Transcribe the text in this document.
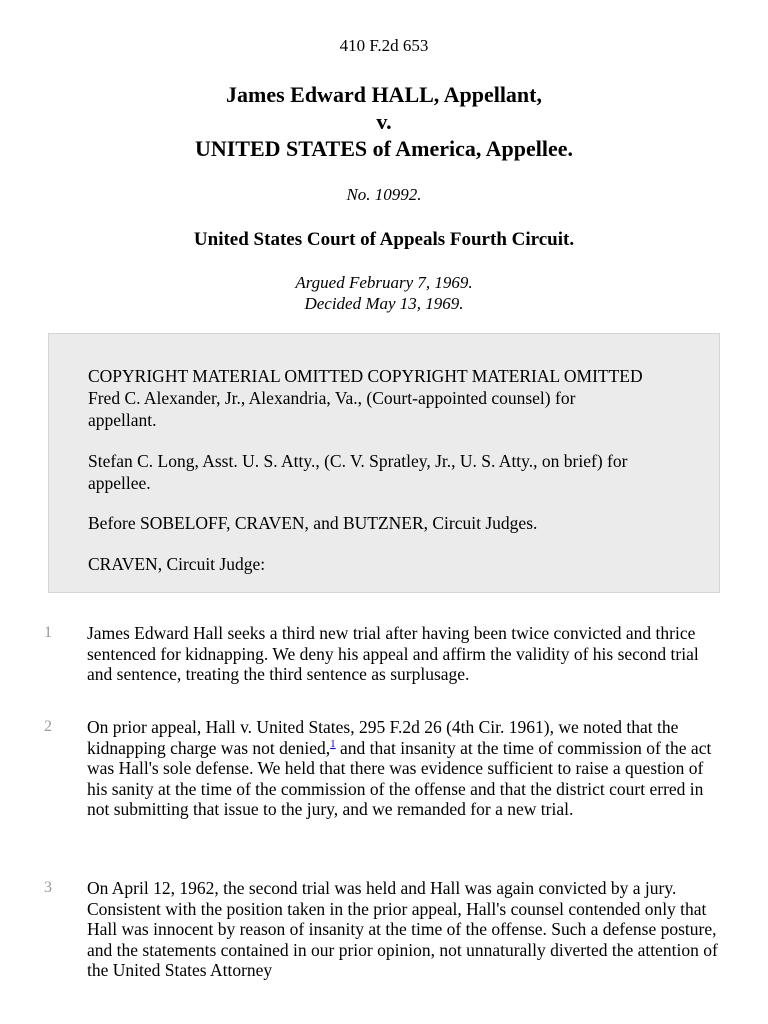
410 F.2d 653
James Edward HALL, Appellant,
v.
UNITED STATES of America, Appellee.
No. 10992.
United States Court of Appeals Fourth Circuit.
Argued February 7, 1969.
Decided May 13, 1969.

COPYRIGHT MATERIAL OMITTED COPYRIGHT MATERIAL OMITTED Fred C. Alexander, Jr., Alexandria, Va., (Court-appointed counsel) for appellant.

Stefan C. Long, Asst. U. S. Atty., (C. V. Spratley, Jr., U. S. Atty., on brief) for appellee.

Before SOBELOFF, CRAVEN, and BUTZNER, Circuit Judges.

CRAVEN, Circuit Judge:

1	James Edward Hall seeks a third new trial after having been twice convicted and thrice sentenced for kidnapping. We deny his appeal and affirm the validity of his second trial and sentence, treating the third sentence as surplusage.

2	On prior appeal, Hall v. United States, 295 F.2d 26 (4th Cir. 1961), we noted that the kidnapping charge was not denied,$^1$ and that insanity at the time of commission of the act was Hall's sole defense. We held that there was evidence sufficient to raise a question of his sanity at the time of the commission of the offense and that the district court erred in not submitting that issue to the jury, and we remanded for a new trial.

3	On April 12, 1962, the second trial was held and Hall was again convicted by a jury. Consistent with the position taken in the prior appeal, Hall's counsel contended only that Hall was innocent by reason of insanity at the time of the offense. Such a defense posture, and the statements contained in our prior opinion, not unnaturally diverted the attention of the United States Attorney
